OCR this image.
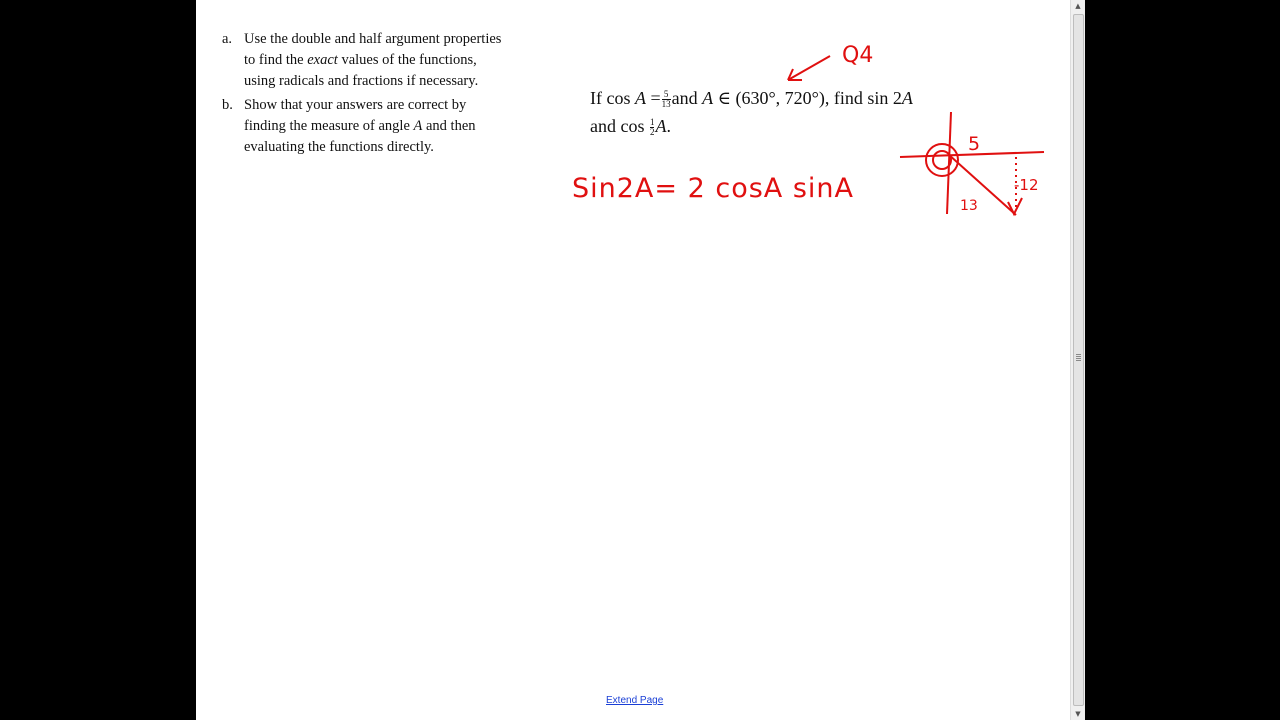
a. Use the double and half argument properties
to find the exact values of the functions,
using radicals and fractions if necessary.
b. Show that your answers are correct by
finding the measure of angle A and then
evaluating the functions directly.
If $\cos A = \frac{5}{13}$ and A ∈ (630°, 720°), find sin 2A
and $\cos \frac{1}{2} A$.
Q4
Sin2A= 2 cosA sinA
5
-12
13
Extend Page
▲
▼
